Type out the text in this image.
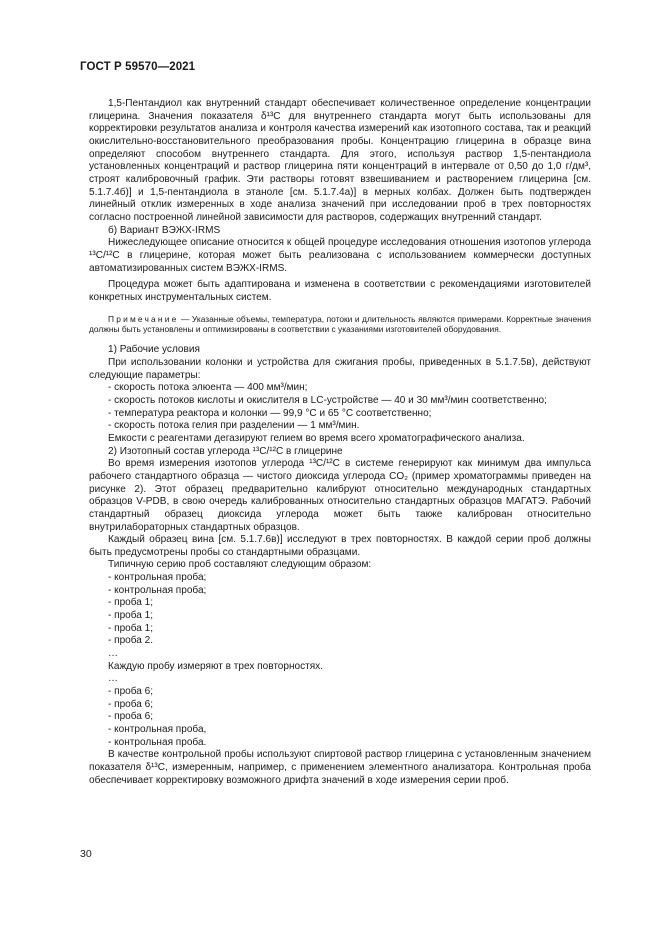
ГОСТ Р 59570—2021

1,5-Пентандиол как внутренний стандарт обеспечивает количественное определение концентрации глицерина. Значения показателя δ¹³C для внутреннего стандарта могут быть использованы для корректировки результатов анализа и контроля качества измерений как изотопного состава, так и реакций окислительно-восстановительного преобразования пробы. Концентрацию глицерина в образце вина определяют способом внутреннего стандарта. Для этого, используя раствор 1,5-пентандиола установленных концентраций и раствор глицерина пяти концентраций в интервале от 0,50 до 1,0 г/дм³, строят калибровочный график. Эти растворы готовят взвешиванием и растворением глицерина [см. 5.1.7.4б)] и 1,5-пентандиола в этаноле [см. 5.1.7.4а)] в мерных колбах. Должен быть подтвержден линейный отклик измеренных в ходе анализа значений при исследовании проб в трех повторностях согласно построенной линейной зависимости для растворов, содержащих внутренний стандарт.

б) Вариант ВЭЖХ-IRMS

Нижеследующее описание относится к общей процедуре исследования отношения изотопов углерода ¹³C/¹²C в глицерине, которая может быть реализована с использованием коммерчески доступных автоматизированных систем ВЭЖХ-IRMS.

Процедура может быть адаптирована и изменена в соответствии с рекомендациями изготовителей конкретных инструментальных систем.

Примечание — Указанные объемы, температура, потоки и длительность являются примерами. Корректные значения должны быть установлены и оптимизированы в соответствии с указаниями изготовителей оборудования.

1) Рабочие условия

При использовании колонки и устройства для сжигания пробы, приведенных в 5.1.7.5в), действуют следующие параметры:

- скорость потока элюента — 400 мм³/мин;

- скорость потоков кислоты и окислителя в LC-устройстве — 40 и 30 мм³/мин соответственно;

- температура реактора и колонки — 99,9 °C и 65 °C соответственно;

- скорость потока гелия при разделении — 1 мм³/мин.

Емкости с реагентами дегазируют гелием во время всего хроматографического анализа.

2) Изотопный состав углерода ¹³C/¹²C в глицерине

Во время измерения изотопов углерода ¹³C/¹²C в системе генерируют как минимум два импульса рабочего стандартного образца — чистого диоксида углерода CO₂ (пример хроматограммы приведен на рисунке 2). Этот образец предварительно калибруют относительно международных стандартных образцов V-PDB, в свою очередь калиброванных относительно стандартных образцов МАГАТЭ. Рабочий стандартный образец диоксида углерода может быть также калиброван относительно внутрилабораторных стандартных образцов.

Каждый образец вина [см. 5.1.7.6в)] исследуют в трех повторностях. В каждой серии проб должны быть предусмотрены пробы со стандартными образцами.

Типичную серию проб составляют следующим образом:

- контрольная проба;

- контрольная проба;

- проба 1;

- проба 1;

- проба 1;

- проба 2.

…

Каждую пробу измеряют в трех повторностях.

…

- проба 6;

- проба 6;

- проба 6;

- контрольная проба,

- контрольная проба.

В качестве контрольной пробы используют спиртовой раствор глицерина с установленным значением показателя δ¹³C, измеренным, например, с применением элементного анализатора. Контрольная проба обеспечивает корректировку возможного дрифта значений в ходе измерения серии проб.

30
